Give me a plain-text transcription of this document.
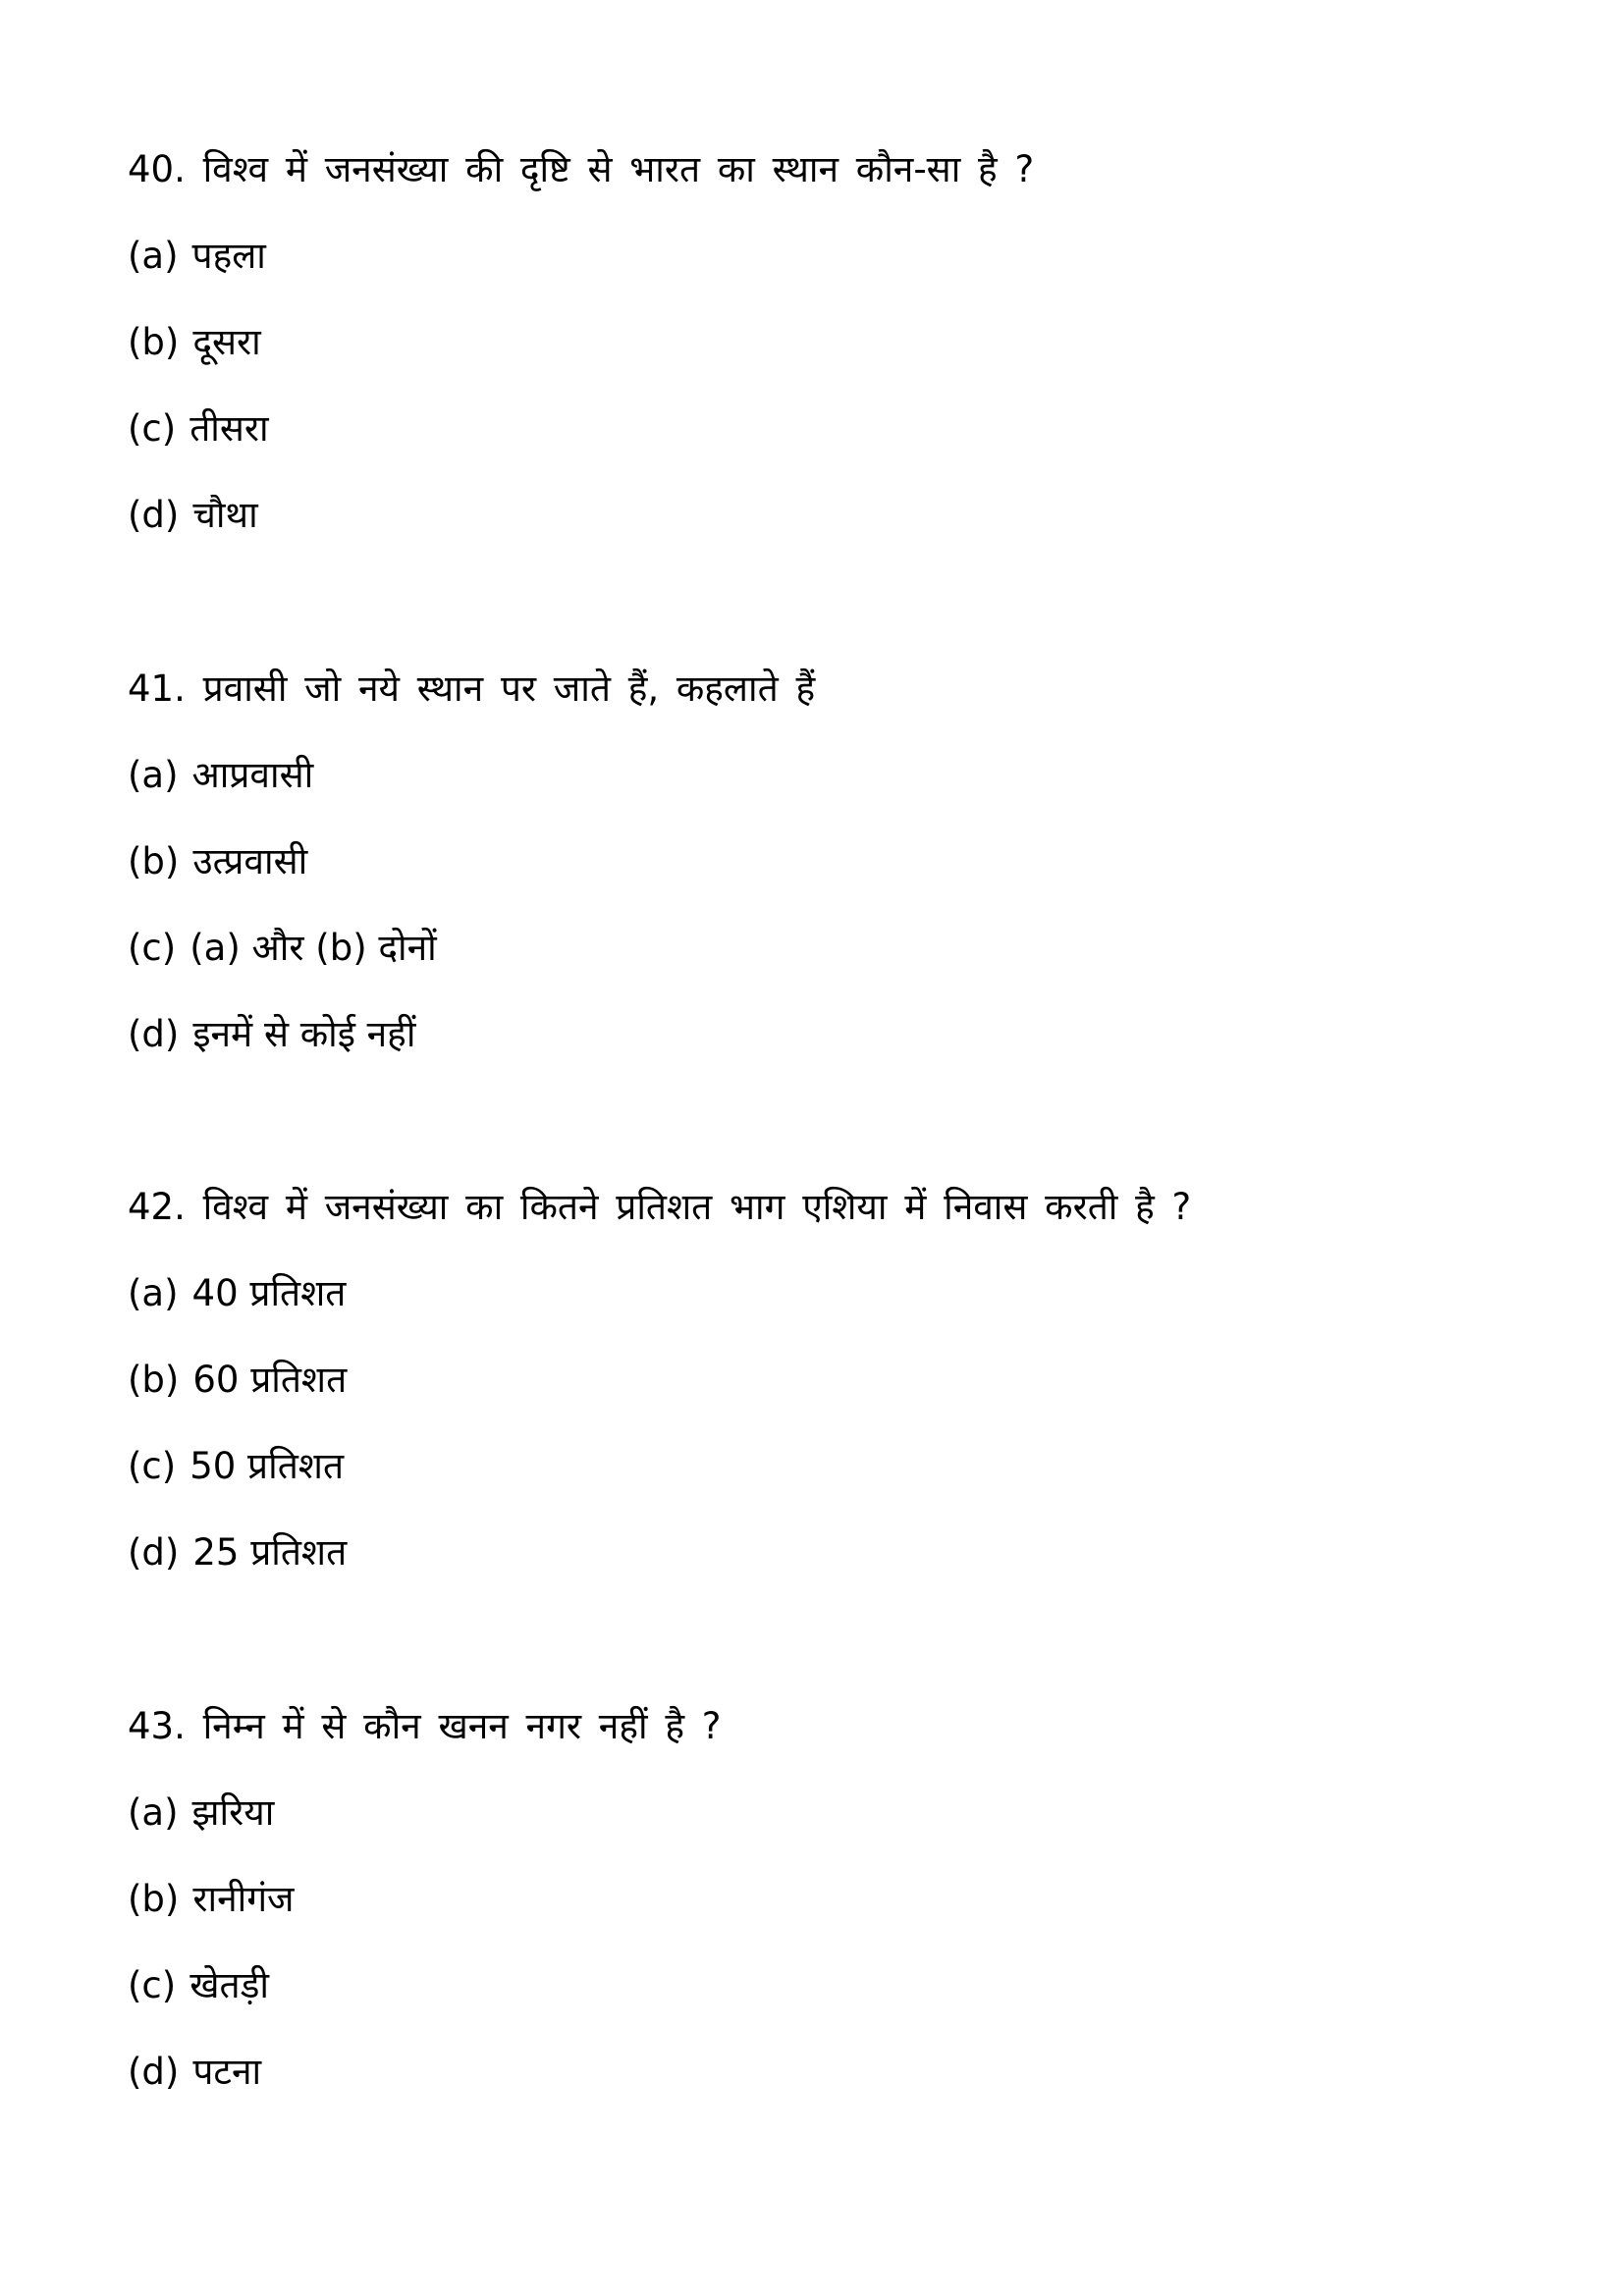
40. विश्व में जनसंख्या की दृष्टि से भारत का स्थान कौन-सा है ?

(a) पहला
(b) दूसरा
(c) तीसरा
(d) चौथा

41. प्रवासी जो नये स्थान पर जाते हैं, कहलाते हैं

(a) आप्रवासी
(b) उत्प्रवासी
(c) (a) और (b) दोनों
(d) इनमें से कोई नहीं

42. विश्व में जनसंख्या का कितने प्रतिशत भाग एशिया में निवास करती है ?

(a) 40 प्रतिशत
(b) 60 प्रतिशत
(c) 50 प्रतिशत
(d) 25 प्रतिशत

43. निम्न में से कौन खनन नगर नहीं है ?

(a) झरिया
(b) रानीगंज
(c) खेतड़ी
(d) पटना
